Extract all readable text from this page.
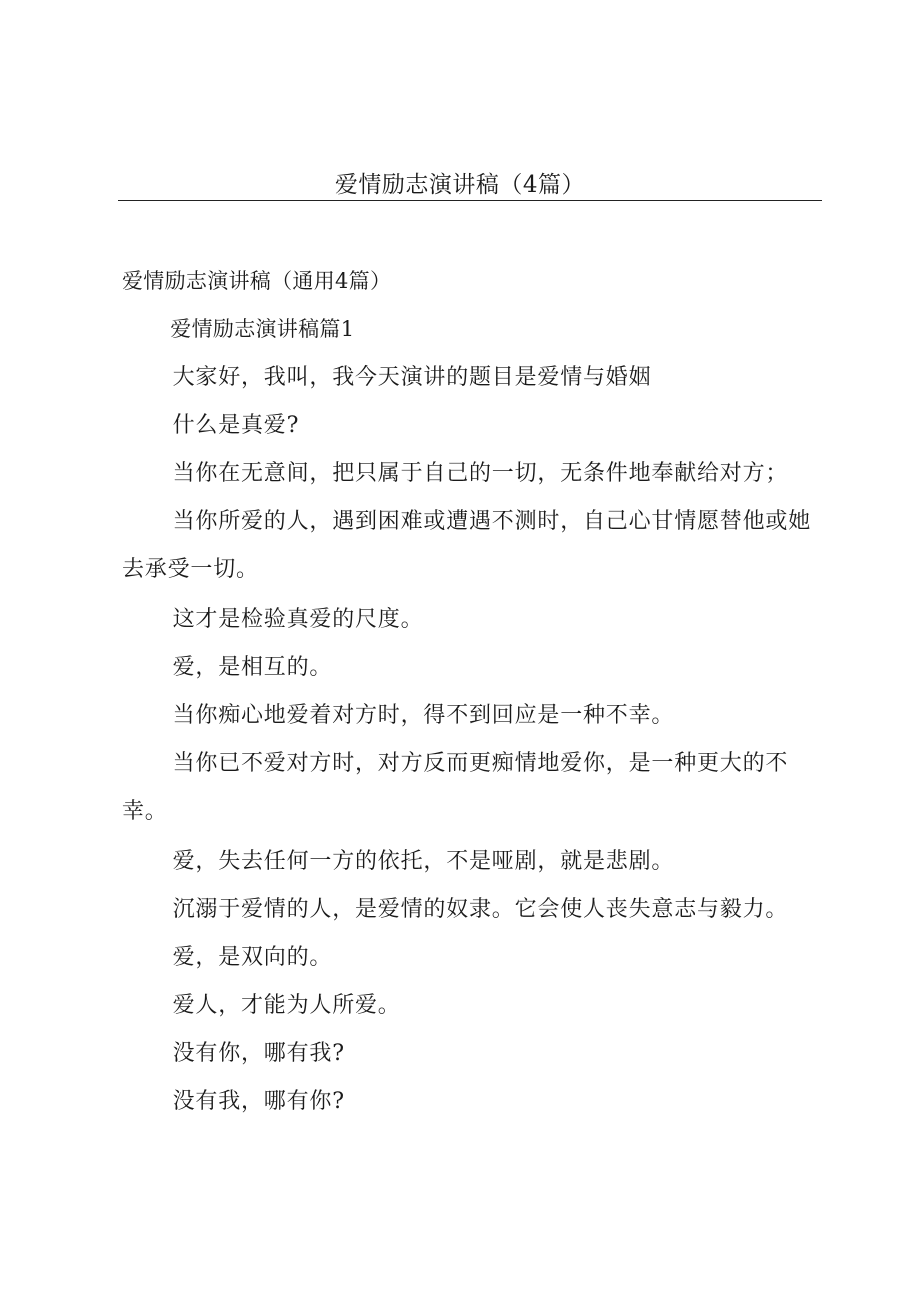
爱情励志演讲稿（4篇）

爱情励志演讲稿（通用4篇）

爱情励志演讲稿篇1

大家好，我叫，我今天演讲的题目是爱情与婚姻

什么是真爱?

当你在无意间，把只属于自己的一切，无条件地奉献给对方；

当你所爱的人，遇到困难或遭遇不测时，自己心甘情愿替他或她去承受一切。

这才是检验真爱的尺度。

爱，是相互的。

当你痴心地爱着对方时，得不到回应是一种不幸。

当你已不爱对方时，对方反而更痴情地爱你，是一种更大的不幸。

爱，失去任何一方的依托，不是哑剧，就是悲剧。

沉溺于爱情的人，是爱情的奴隶。它会使人丧失意志与毅力。

爱，是双向的。

爱人，才能为人所爱。

没有你，哪有我?

没有我，哪有你?
